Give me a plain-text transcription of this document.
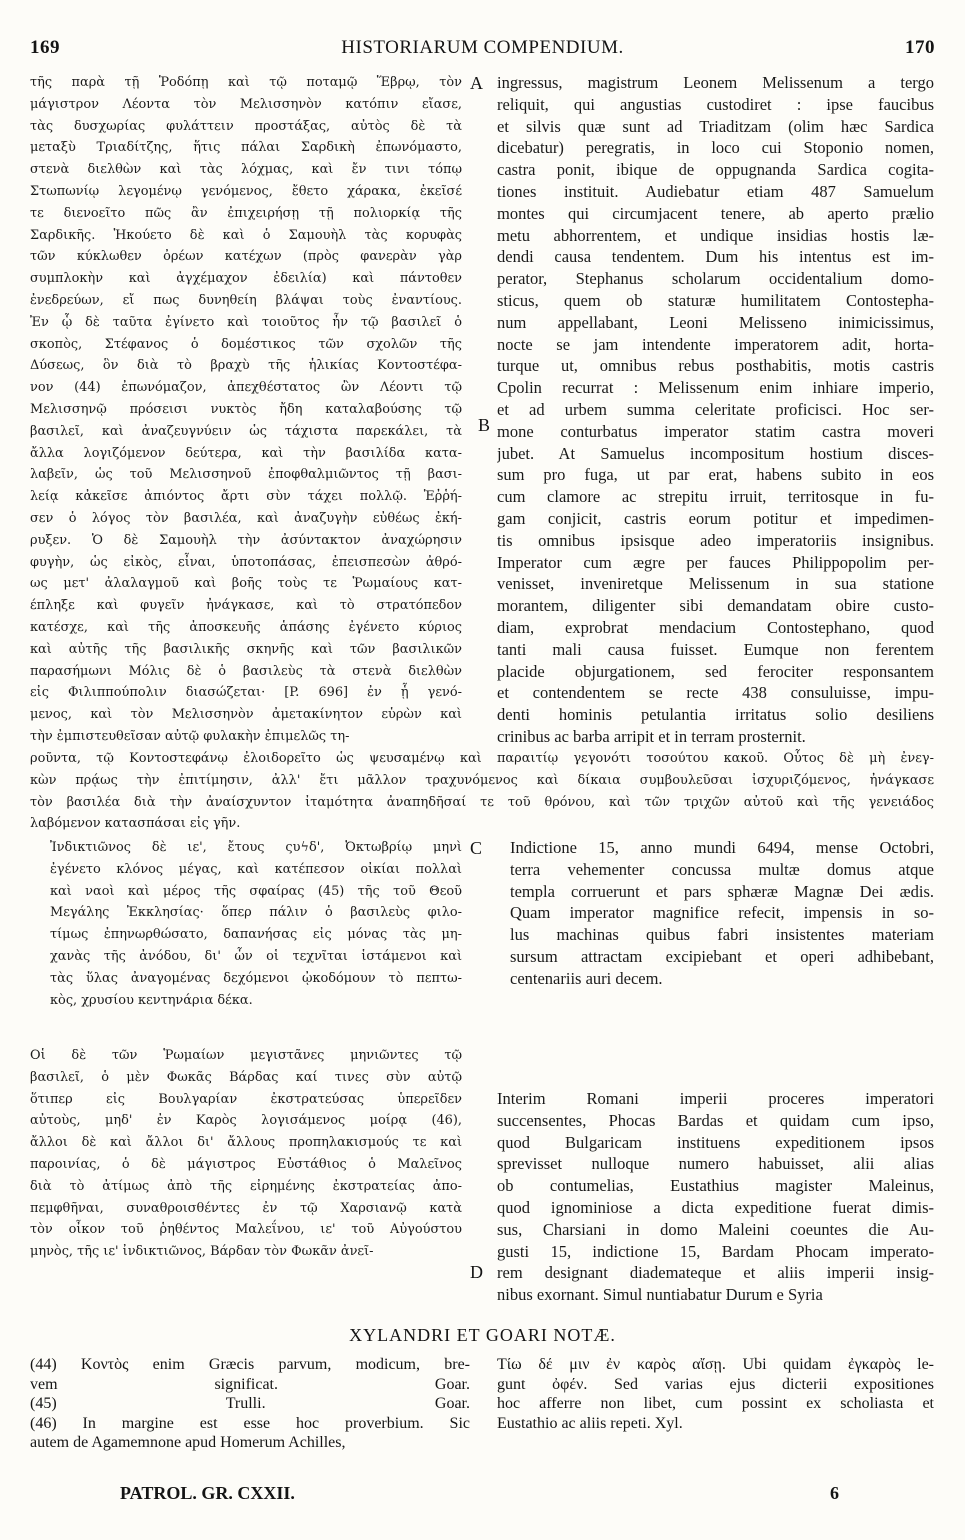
169	HISTORIARUM COMPENDIUM.	170
τῆς παρὰ τῇ Ῥοδόπῃ καὶ τῷ ποταμῷ Ἕβρῳ, τὸν
μάγιστρον Λέοντα τὸν Μελισσηνὸν κατόπιν εἴασε,
τὰς δυσχωρίας φυλάττειν προστάξας, αὐτὸς δὲ τὰ
μεταξὺ Τριαδίτζης, ἥτις πάλαι Σαρδικὴ ἐπωνόμαστο,
στενὰ διελθὼν καὶ τὰς λόχμας, καὶ ἔν τινι τόπῳ
Στωπωνίῳ λεγομένῳ γενόμενος, ἔθετο χάρακα, ἐκεῖσέ
τε διενοεῖτο πῶς ἂν ἐπιχειρήσῃ τῇ πολιορκίᾳ τῆς
Σαρδικῆς. Ἠκούετο δὲ καὶ ὁ Σαμουὴλ τὰς κορυφὰς
τῶν κύκλωθεν ὀρέων κατέχων (πρὸς φανερὰν γὰρ
συμπλοκὴν καὶ ἀγχέμαχον ἐδειλία) καὶ πάντοθεν
ἐνεδρεύων, εἴ πως δυνηθείη βλάψαι τοὺς ἐναντίους.
Ἐν ᾧ δὲ ταῦτα ἐγίνετο καὶ τοιοῦτος ἦν τῷ βασιλεῖ ὁ
σκοπὸς, Στέφανος ὁ δομέστικος τῶν σχολῶν τῆς
Δύσεως, ὃν διὰ τὸ βραχὺ τῆς ἡλικίας Κοντοστέφα-
νον (44) ἐπωνόμαζον, ἀπεχθέστατος ὢν Λέοντι τῷ
Μελισσηνῷ πρόσεισι νυκτὸς ἤδη καταλαβούσης τῷ
βασιλεῖ, καὶ ἀναζευγνύειν ὡς τάχιστα παρεκάλει, τὰ
ἄλλα λογιζόμενον δεύτερα, καὶ τὴν βασιλίδα κατα-
λαβεῖν, ὡς τοῦ Μελισσηνοῦ ἐποφθαλμιῶντος τῇ βασι-
λείᾳ κἀκεῖσε ἀπιόντος ἄρτι σὺν τάχει πολλῷ. Ἐῤῥή-
σεν ὁ λόγος τὸν βασιλέα, καὶ ἀναζυγὴν εὐθέως ἐκή-
ρυξεν. Ὁ δὲ Σαμουὴλ τὴν ἀσύντακτον ἀναχώρησιν
φυγὴν, ὡς εἰκὸς, εἶναι, ὑποτοπάσας, ἐπεισπεσὼν ἀθρό-
ως μετ' ἀλαλαγμοῦ καὶ βοῆς τοὺς τε Ῥωμαίους κατ-
έπληξε καὶ φυγεῖν ἠνάγκασε, καὶ τὸ στρατόπεδον
κατέσχε, καὶ τῆς ἀποσκευῆς ἁπάσης ἐγένετο κύριος
καὶ αὐτῆς τῆς βασιλικῆς σκηνῆς καὶ τῶν βασιλικῶν
παρασήμωνι Μόλις δὲ ὁ βασιλεὺς τὰ στενὰ διελθὼν
εἰς Φιλιππούπολιν διασώζεται· [P. 696] ἐν ᾗ γενό-
μενος, καὶ τὸν Μελισσηνὸν ἀμετακίνητον εὑρὼν καὶ
τὴν ἐμπιστευθεῖσαν αὐτῷ φυλακὴν ἐπιμελῶς τη-
ingressus, magistrum Leonem Melissenum a tergo
reliquit, qui angustias custodiret : ipse faucibus
et silvis quæ sunt ad Triaditzam (olim hæc Sardica
dicebatur) peregratis, in loco cui Stoponio nomen,
castra ponit, ibique de oppugnanda Sardica cogita-
tiones instituit. Audiebatur etiam 487 Samuelum
montes qui circumjacent tenere, ab aperto prælio
metu abhorrentem, et undique insidias hostis læ-
dendi causa tendentem. Dum his intentus est im-
perator, Stephanus scholarum occidentalium domo-
sticus, quem ob staturæ humilitatem Contostepha-
num appellabant, Leoni Melisseno inimicissimus,
nocte se jam intendente imperatorem adit, horta-
turque ut, omnibus rebus posthabitis, motis castris
Cpolin recurrat : Melissenum enim inhiare imperio,
et ad urbem summa celeritate proficisci. Hoc ser-
mone conturbatus imperator statim castra moveri
jubet. At Samuelus incompositum hostium disces-
sum pro fuga, ut par erat, habens subito in eos
cum clamore ac strepitu irruit, territosque in fu-
gam conjicit, castris eorum potitur et impedimen-
tis omnibus ipsisque adeo imperatoriis insignibus.
Imperator cum ægre per fauces Philippopolim per-
venisset, inveniretque Melissenum in sua statione
morantem, diligenter sibi demandatam obire custo-
diam, exprobrat mendacium Contostephano, quod
tanti mali causa fuisset. Eumque non ferentem
placide objurgationem, sed ferociter responsantem
et contendentem se recte 438 consuluisse, impu-
denti hominis petulantia irritatus solio desiliens
crinibus ac barba arripit et in terram prosternit.
A
B
ροῦντα, τῷ Κοντοστεφάνῳ ἐλοιδορεῖτο ὡς ψευσαμένῳ καὶ παραιτίῳ γεγονότι τοσούτου κακοῦ. Οὗτος δὲ μὴ ἐνεγ-
κὼν πρᾴως τὴν ἐπιτίμησιν, ἀλλ' ἔτι μᾶλλον τραχυνόμενος καὶ δίκαια συμβουλεῦσαι ἰσχυριζόμενος, ἠνάγκασε
τὸν βασιλέα διὰ τὴν ἀναίσχυντον ἰταμότητα ἀναπηδῆσαί τε τοῦ θρόνου, καὶ τῶν τριχῶν αὐτοῦ καὶ τῆς γενειάδος
λαβόμενον κατασπάσαι εἰς γῆν.
Ἰνδικτιῶνος δὲ ιε', ἔτους ςυϟδ', Ὀκτωβρίῳ μηνὶ
ἐγένετο κλόνος μέγας, καὶ κατέπεσον οἰκίαι πολλαὶ
καὶ ναοὶ καὶ μέρος τῆς σφαίρας (45) τῆς τοῦ Θεοῦ
Μεγάλης Ἐκκλησίας· ὅπερ πάλιν ὁ βασιλεὺς φιλο-
τίμως ἐπηνωρθώσατο, δαπανήσας εἰς μόνας τὰς μη-
χανὰς τῆς ἀνόδου, δι' ὧν οἱ τεχνῖται ἱστάμενοι καὶ
τὰς ὕλας ἀναγομένας δεχόμενοι ᾠκοδόμουν τὸ πεπτω-
κὸς, χρυσίου κεντηνάρια δέκα.
Indictione 15, anno mundi 6494, mense Octobri,
terra vehementer concussa multæ domus atque
templa corruerunt et pars sphæræ Magnæ Dei ædis.
Quam imperator magnifice refecit, impensis in so-
lus machinas quibus fabri insistentes materiam
sursum attractam excipiebant et operi adhibebant,
centenariis auri decem.
C
Οἱ δὲ τῶν Ῥωμαίων μεγιστᾶνες μηνιῶντες τῷ
βασιλεῖ, ὁ μὲν Φωκᾶς Βάρδας καί τινες σὺν αὐτῷ
ὅτιπερ εἰς Βουλγαρίαν ἐκστρατεύσας ὑπερεῖδεν
αὐτοὺς, μηδ' ἐν Καρὸς λογισάμενος μοίρᾳ (46),
ἄλλοι δὲ καὶ ἄλλοι δι' ἄλλους προπηλακισμούς τε καὶ
παροινίας, ὁ δὲ μάγιστρος Εὐστάθιος ὁ Μαλεῖνος
διὰ τὸ ἀτίμως ἀπὸ τῆς εἰρημένης ἐκστρατείας ἀπο-
πεμφθῆναι, συναθροισθέντες ἐν τῷ Χαρσιανῷ κατὰ
τὸν οἶκον τοῦ ῥηθέντος Μαλεΐνου, ιε' τοῦ Αὐγούστου
μηνὸς, τῆς ιε' ἰνδικτιῶνος, Βάρδαν τὸν Φωκᾶν ἀνεῖ-
Interim Romani imperii proceres imperatori
succensentes, Phocas Bardas et quidam cum ipso,
quod Bulgaricam instituens expeditionem ipsos
sprevisset nulloque numero habuisset, alii alias
ob contumelias, Eustathius magister Maleinus,
quod ignominiose a dicta expeditione fuerat dimis-
sus, Charsiani in domo Maleini coeuntes die Au-
gusti 15, indictione 15, Bardam Phocam imperato-
rem designant diademateque et aliis imperii insig-
nibus exornant. Simul nuntiabatur Durum e Syria
D
XYLANDRI ET GOARI NOTÆ.
(44) Κοντὸς enim Græcis parvum, modicum, bre-
vem significat. Goar.
(45) Trulli. Goar.
(46) In margine est esse hoc proverbium. Sic
autem de Agamemnone apud Homerum Achilles,
Τίω δέ μιν ἐν καρὸς αἴσῃ. Ubi quidam ἐγκαρὸς le-
gunt ὀφέν. Sed varias ejus dicterii expositiones
hoc afferre non libet, cum possint ex scholiasta et
Eustathio ac aliis repeti. Xyl.
PATROL. GR. CXXII.	6
